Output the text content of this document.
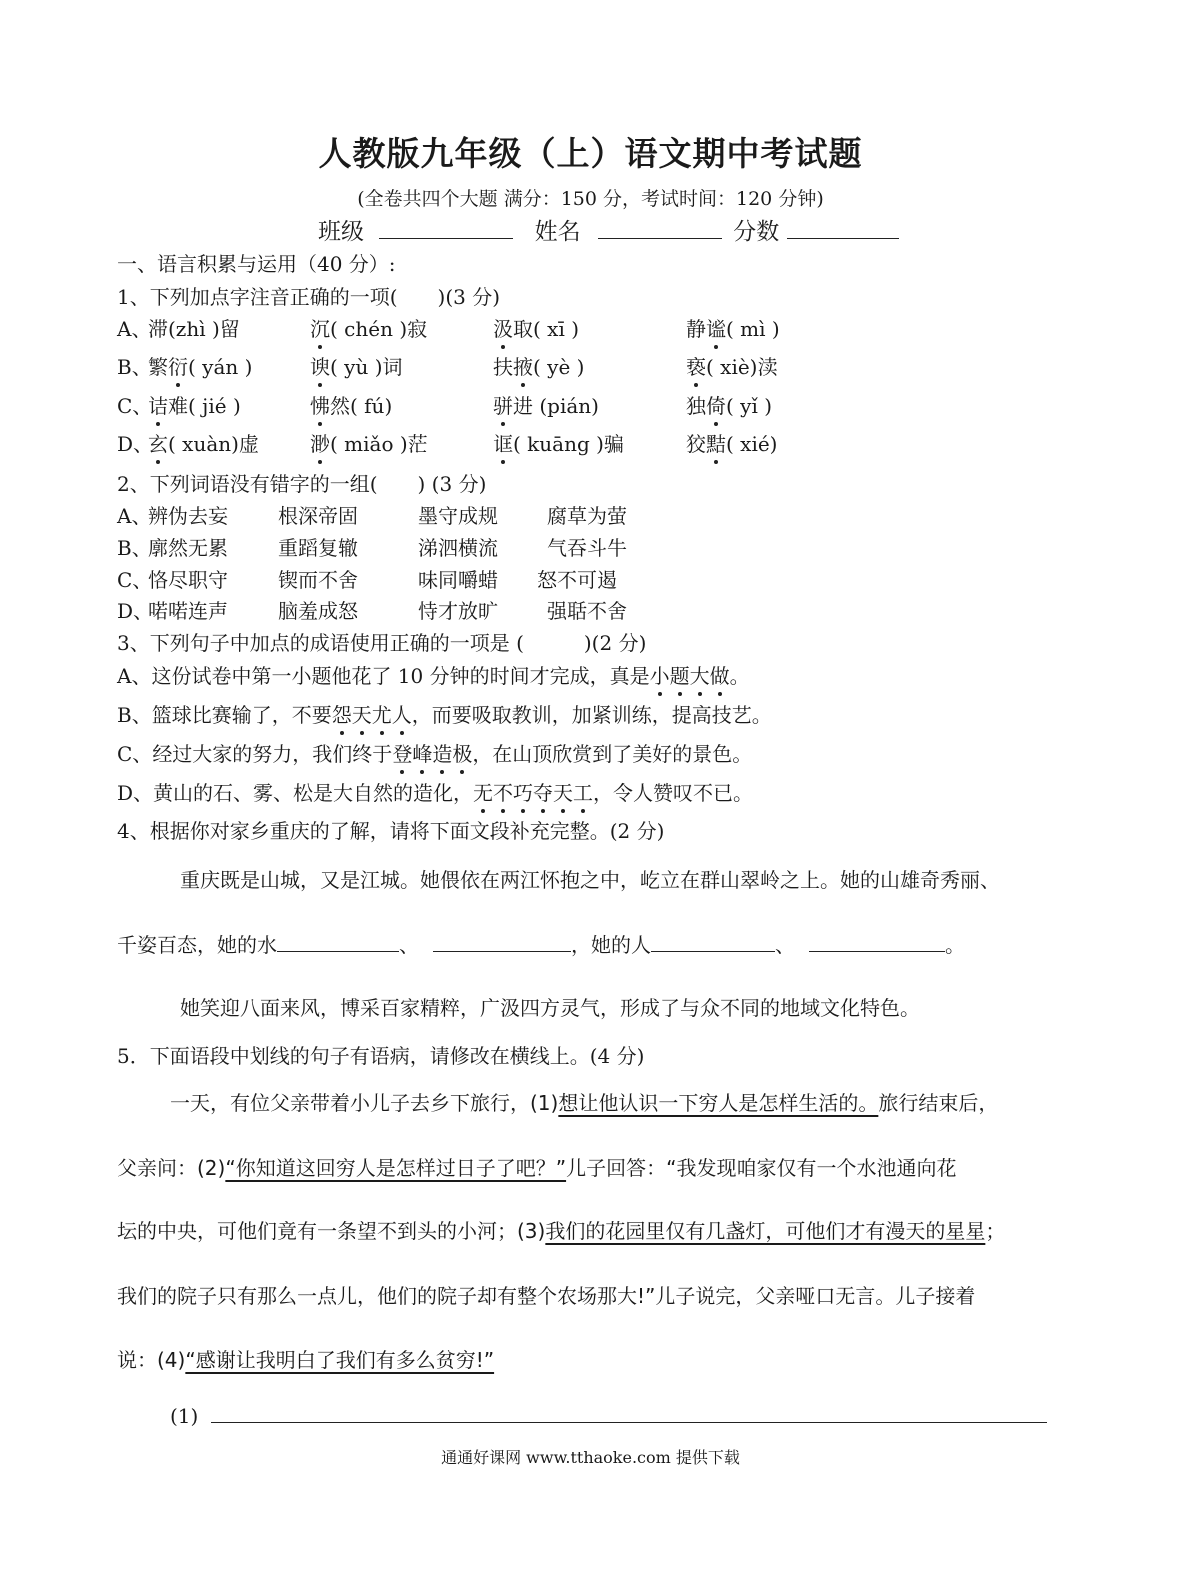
人教版九年级（上）语文期中考试题
(全卷共四个大题 满分：150 分，考试时间：120 分钟)
班级	姓名	分数
一、语言积累与运用（40 分）:
1、下列加点字注音正确的一项(　　)(3 分)
A、
滞(zhì )留	沉( chén )寂	汲取( xī )	静谧( mì )
B、
繁衍( yán )	谀( yù )词	扶掖( yè )	亵( xiè)渎
C、
诘难( jié )	怫然( fú)	骈进 (pián)	独倚( yǐ )
D、
玄( xuàn)虚	渺( miǎo )茫	诓( kuāng )骗	狡黠( xié)
2、下列词语没有错字的一组(　　) (3 分)
A、
辨伪去妄	根深帝固	墨守成规 腐草为萤
B、
廓然无累	重蹈复辙	涕泗横流 气吞斗牛
C、
恪尽职守	锲而不舍	味同嚼蜡 怒不可遏
D、
喏喏连声	脑羞成怒	恃才放旷 强聒不舍
3、下列句子中加点的成语使用正确的一项是 (　　　)(2 分)
A、这份试卷中第一小题他花了 10 分钟的时间才完成，真是小题大做。
B、篮球比赛输了，不要怨天尤人，而要吸取教训，加紧训练，提高技艺。
C、经过大家的努力，我们终于登峰造极，在山顶欣赏到了美好的景色。
D、黄山的石、雾、松是大自然的造化，无不巧夺天工，令人赞叹不已。
4、根据你对家乡重庆的了解，请将下面文段补充完整。(2 分)
重庆既是山城，又是江城。她偎依在两江怀抱之中，屹立在群山翠岭之上。她的山雄奇秀丽、
千姿百态，她的水	、	，她的人	、	。
她笑迎八面来风，博采百家精粹，广汲四方灵气，形成了与众不同的地域文化特色。
5．下面语段中划线的句子有语病，请修改在横线上。(4 分)
一天，有位父亲带着小儿子去乡下旅行，(1)想让他认识一下穷人是怎样生活的。旅行结束后，
父亲问：(2)“你知道这回穷人是怎样过日子了吧？”儿子回答：“我发现咱家仅有一个水池通向花
坛的中央，可他们竟有一条望不到头的小河；(3)我们的花园里仅有几盏灯，可他们才有漫天的星星；
我们的院子只有那么一点儿，他们的院子却有整个农场那大!”儿子说完，父亲哑口无言。儿子接着
说：(4)“感谢让我明白了我们有多么贫穷!”
(1)
通通好课网 www.tthaoke.com 提供下载
